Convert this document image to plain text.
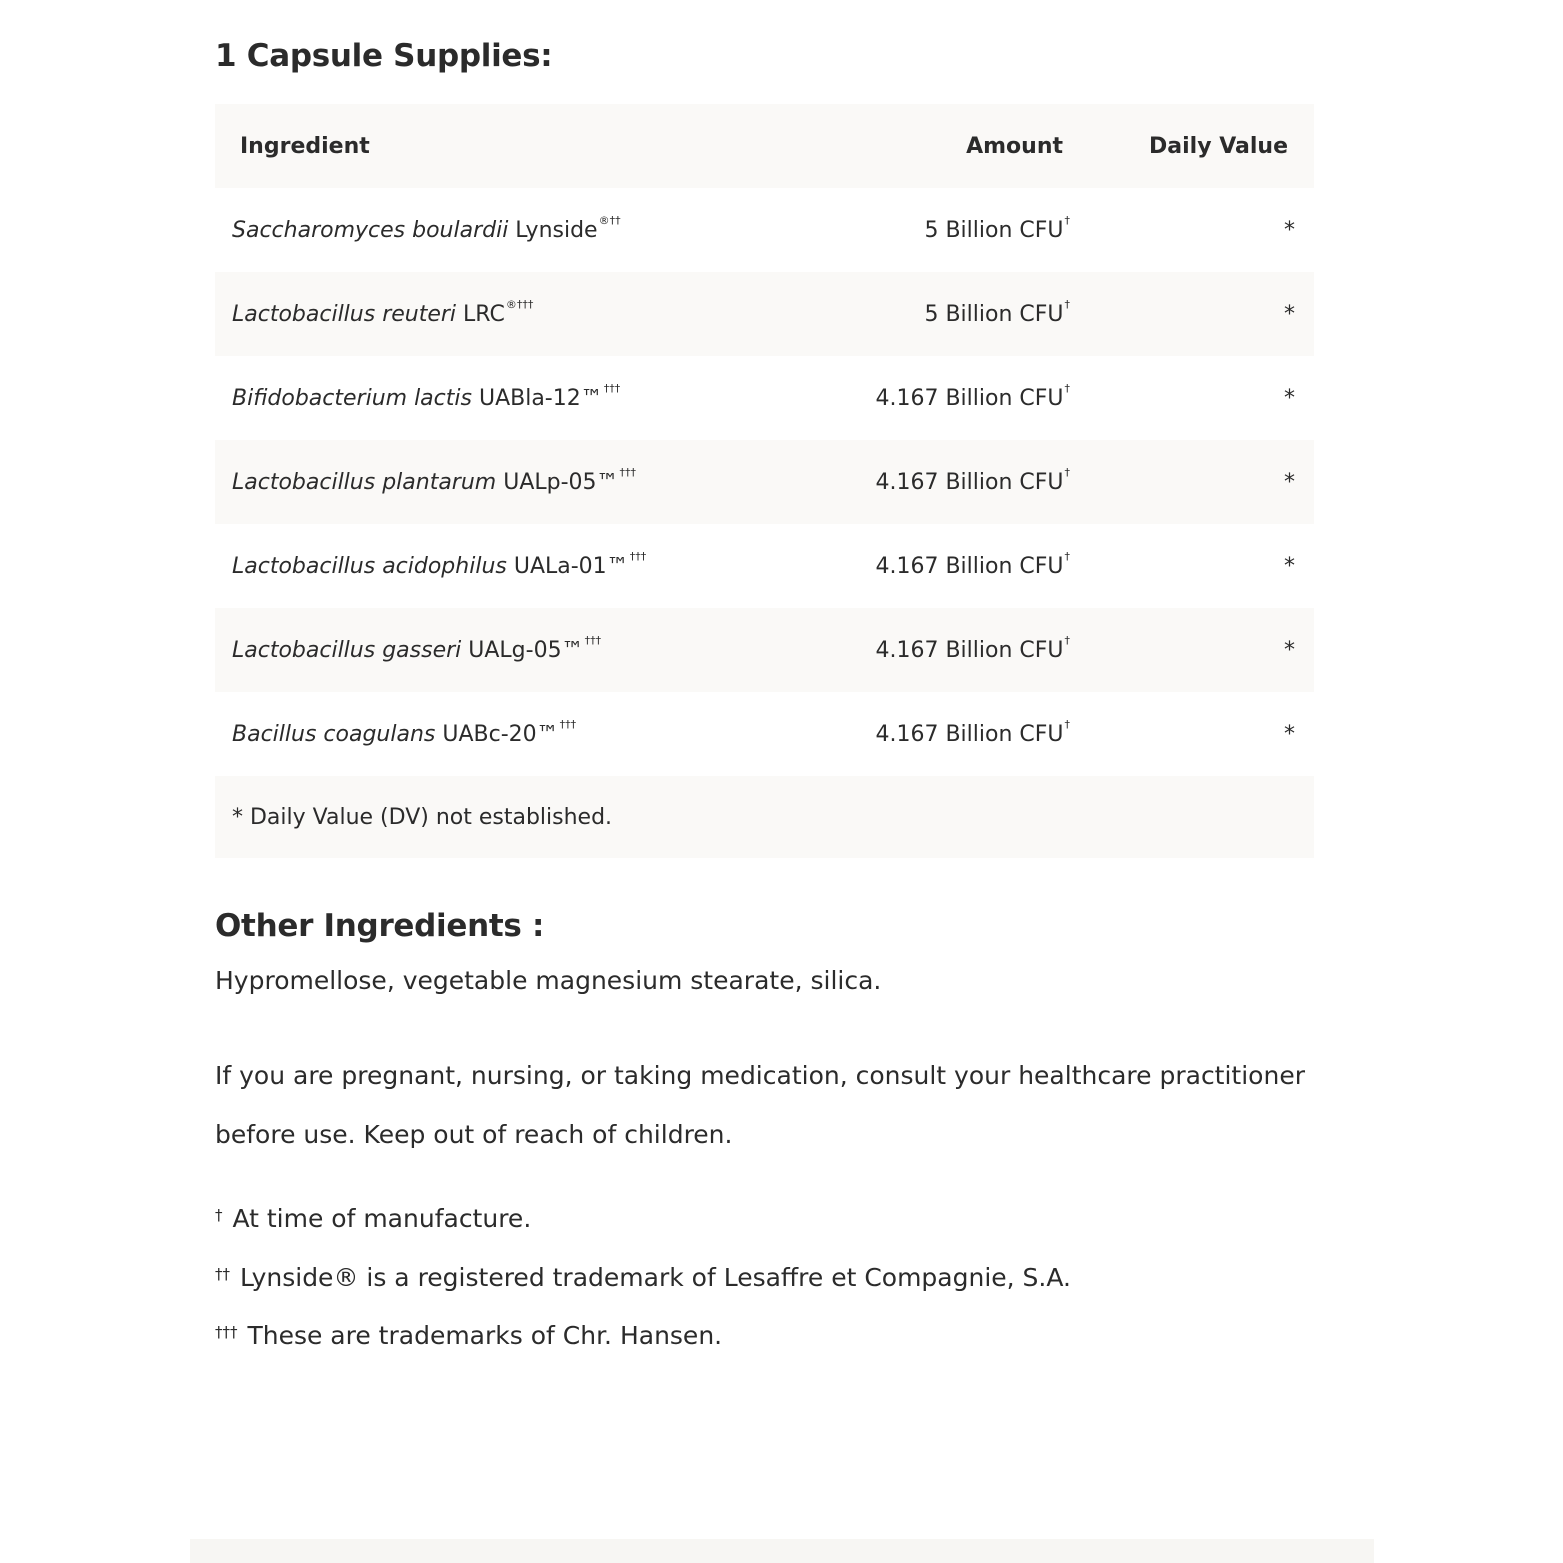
1 Capsule Supplies:
Ingredient	Amount	Daily Value
Saccharomyces boulardii Lynside®††	5 Billion CFU†	*
Lactobacillus reuteri LRC®†††	5 Billion CFU†	*
Bifidobacterium lactis UABla-12™†††	4.167 Billion CFU†	*
Lactobacillus plantarum UALp-05™†††	4.167 Billion CFU†	*
Lactobacillus acidophilus UALa-01™†††	4.167 Billion CFU†	*
Lactobacillus gasseri UALg-05™†††	4.167 Billion CFU†	*
Bacillus coagulans UABc-20™†††	4.167 Billion CFU†	*
* Daily Value (DV) not established.		
Other Ingredients :

Hypromellose, vegetable magnesium stearate, silica.

If you are pregnant, nursing, or taking medication, consult your healthcare practitioner before use. Keep out of reach of children.

† At time of manufacture.

†† Lynside® is a registered trademark of Lesaffre et Compagnie, S.A.

††† These are trademarks of Chr. Hansen.
